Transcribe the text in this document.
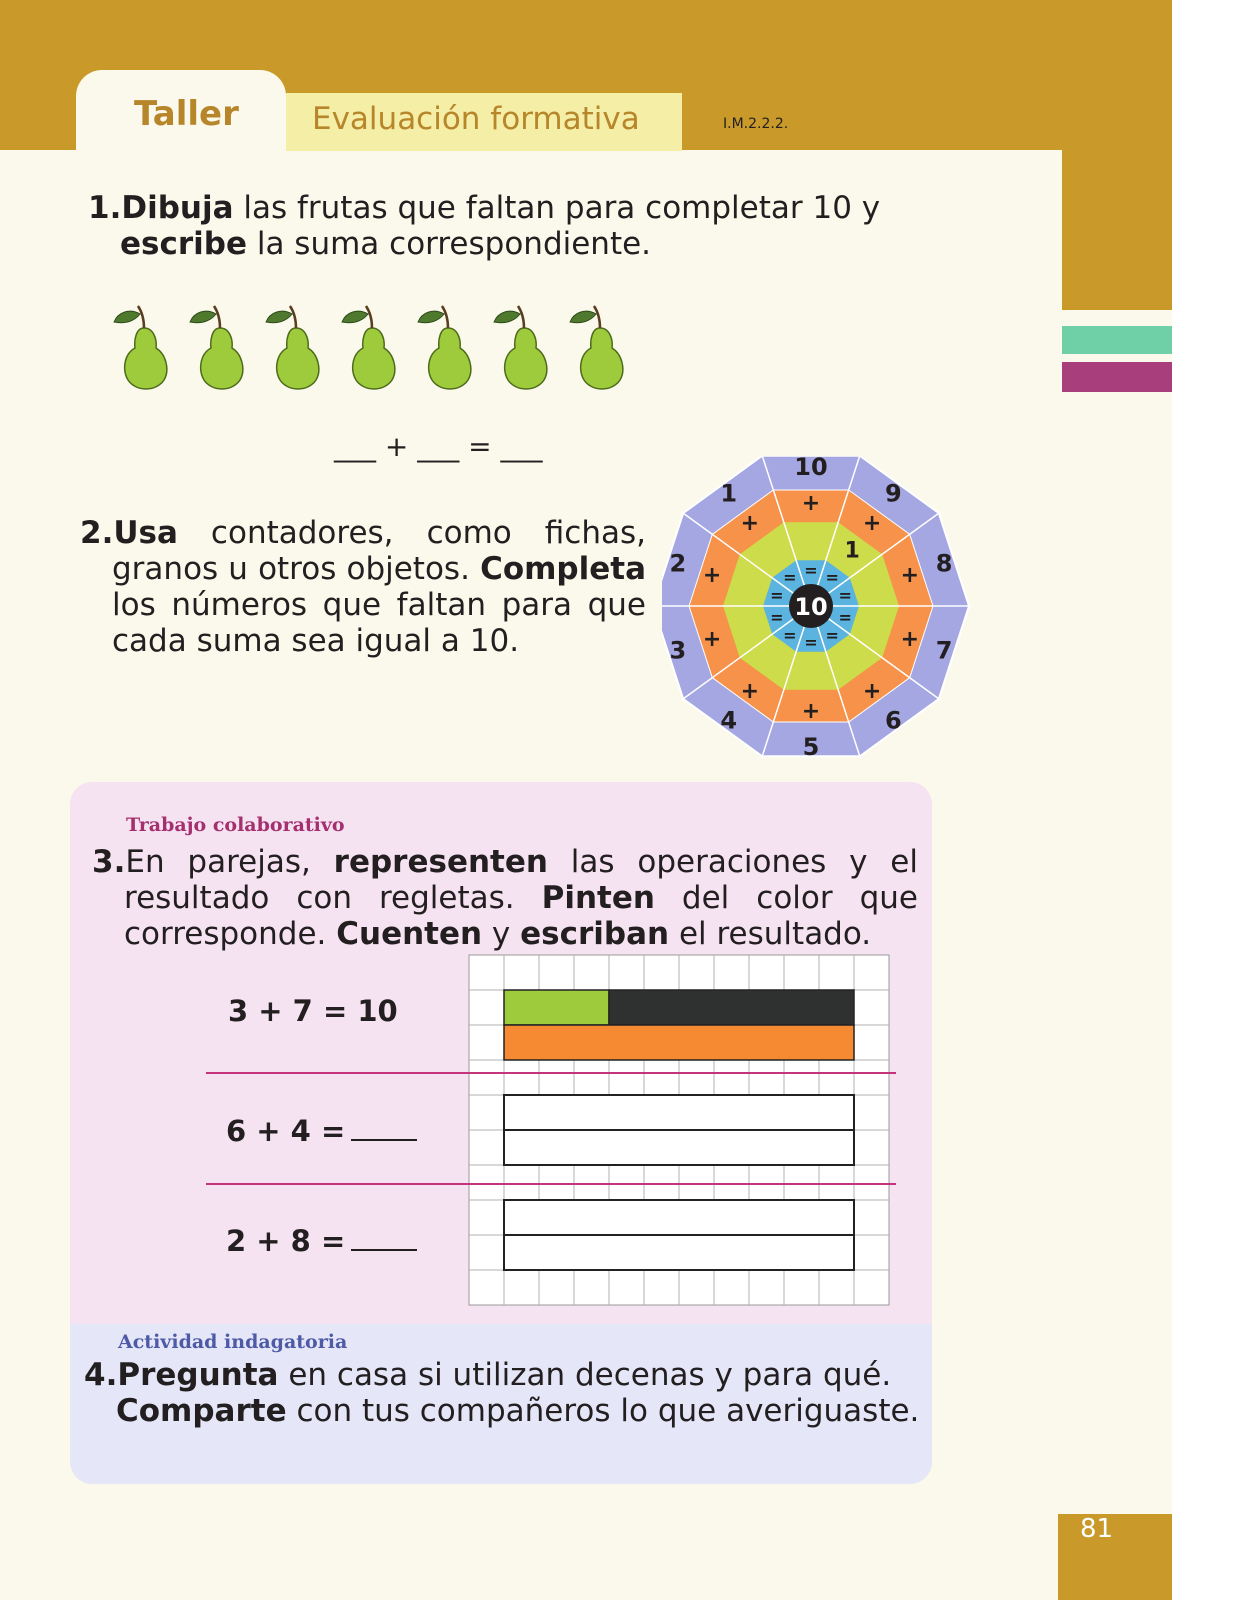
Taller Evaluación formativa	I.M.2.2.2.
1.Dibuja las frutas que faltan para completar 10 y escribe la suma correspondiente.
___ + ___ = ___
2.Usa contadores, como fichas, granos u otros objetos. Completa los números que faltan para que cada suma sea igual a 10.
10
10
+
=
9
+
=	8
+
=
7
+
=
6
+
=
5
+
=
4
+
=
3 +
=
2 +
=
1
+
=
1
Trabajo colaborativo
3.En parejas, representen las operaciones y el resultado con regletas. Pinten del color que corresponde. Cuenten y escriban el resultado.
3 + 7 = 10
6 + 4 =
2 + 8 =
Actividad indagatoria
4.Pregunta en casa si utilizan decenas y para qué. Comparte con tus compañeros lo que averiguaste.
81
